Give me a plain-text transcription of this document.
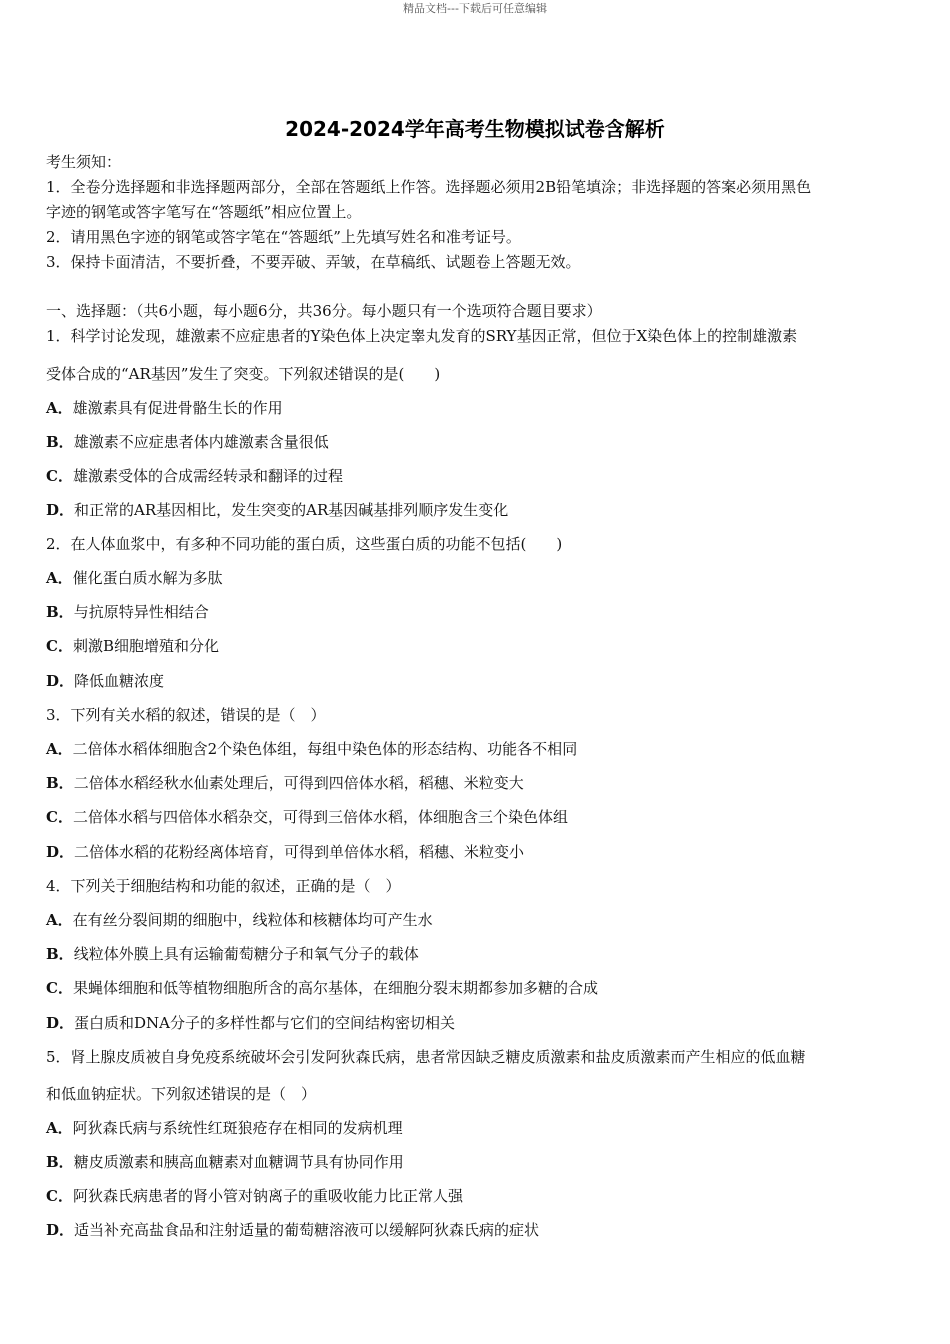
精品文档---下载后可任意编辑
2024-2024学年高考生物模拟试卷含解析
考生须知：
1．全卷分选择题和非选择题两部分，全部在答题纸上作答。选择题必须用2B铅笔填涂；非选择题的答案必须用黑色
字迹的钢笔或答字笔写在“答题纸”相应位置上。
2．请用黑色字迹的钢笔或答字笔在“答题纸”上先填写姓名和准考证号。
3．保持卡面清洁，不要折叠，不要弄破、弄皱，在草稿纸、试题卷上答题无效。
一、选择题：（共6小题，每小题6分，共36分。每小题只有一个选项符合题目要求）
1．科学讨论发现，雄激素不应症患者的Y染色体上决定睾丸发育的SRY基因正常，但位于X染色体上的控制雄激素
受体合成的“AR基因”发生了突变。下列叙述错误的是(　　)
A．雄激素具有促进骨骼生长的作用
B．雄激素不应症患者体内雄激素含量很低
C．雄激素受体的合成需经转录和翻译的过程
D．和正常的AR基因相比，发生突变的AR基因碱基排列顺序发生变化
2．在人体血浆中，有多种不同功能的蛋白质，这些蛋白质的功能不包括(　　)
A．催化蛋白质水解为多肽
B．与抗原特异性相结合
C．刺激B细胞增殖和分化
D．降低血糖浓度
3．下列有关水稻的叙述，错误的是（　）
A．二倍体水稻体细胞含2个染色体组，每组中染色体的形态结构、功能各不相同
B．二倍体水稻经秋水仙素处理后，可得到四倍体水稻，稻穗、米粒变大
C．二倍体水稻与四倍体水稻杂交，可得到三倍体水稻，体细胞含三个染色体组
D．二倍体水稻的花粉经离体培育，可得到单倍体水稻，稻穗、米粒变小
4．下列关于细胞结构和功能的叙述，正确的是（　）
A．在有丝分裂间期的细胞中，线粒体和核糖体均可产生水
B．线粒体外膜上具有运输葡萄糖分子和氧气分子的载体
C．果蝇体细胞和低等植物细胞所含的高尔基体，在细胞分裂末期都参加多糖的合成
D．蛋白质和DNA分子的多样性都与它们的空间结构密切相关
5．肾上腺皮质被自身免疫系统破坏会引发阿狄森氏病，患者常因缺乏糖皮质激素和盐皮质激素而产生相应的低血糖
和低血钠症状。下列叙述错误的是（　）
A．阿狄森氏病与系统性红斑狼疮存在相同的发病机理
B．糖皮质激素和胰高血糖素对血糖调节具有协同作用
C．阿狄森氏病患者的肾小管对钠离子的重吸收能力比正常人强
D．适当补充高盐食品和注射适量的葡萄糖溶液可以缓解阿狄森氏病的症状
